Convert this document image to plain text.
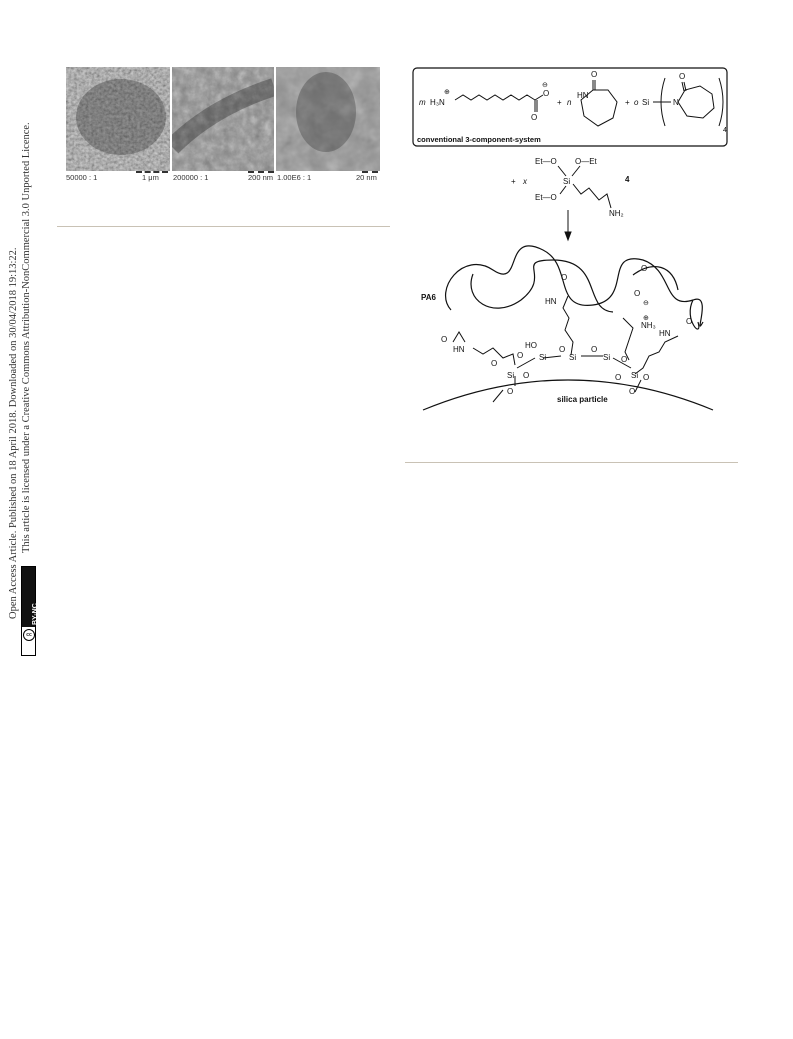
Open Access Article. Published on 18 April 2018. Downloaded on 30/04/2018 19:13:22. This article is licensed under a Creative Commons Attribution-NonCommercial 3.0 Unported Licence.
BY-NC
cc
50000 : 1	1 μm 200000 : 1	200 nm 1.00E6 : 1	20 nm
m H₃N
⊕
O
O
⊖
+ n
HN
O
+ o Si	N
O
4
conventional 3-component-system
+ x
Et—O O—Et
Si
Et—O
NH₂
4
PA6
O
O
⊖
O
HN
⊕
NH₃	O
HN
O
HN	HO
O Si
O
Si
O
Si O
Si O
O
O
Si
O	O
O
silica particle
